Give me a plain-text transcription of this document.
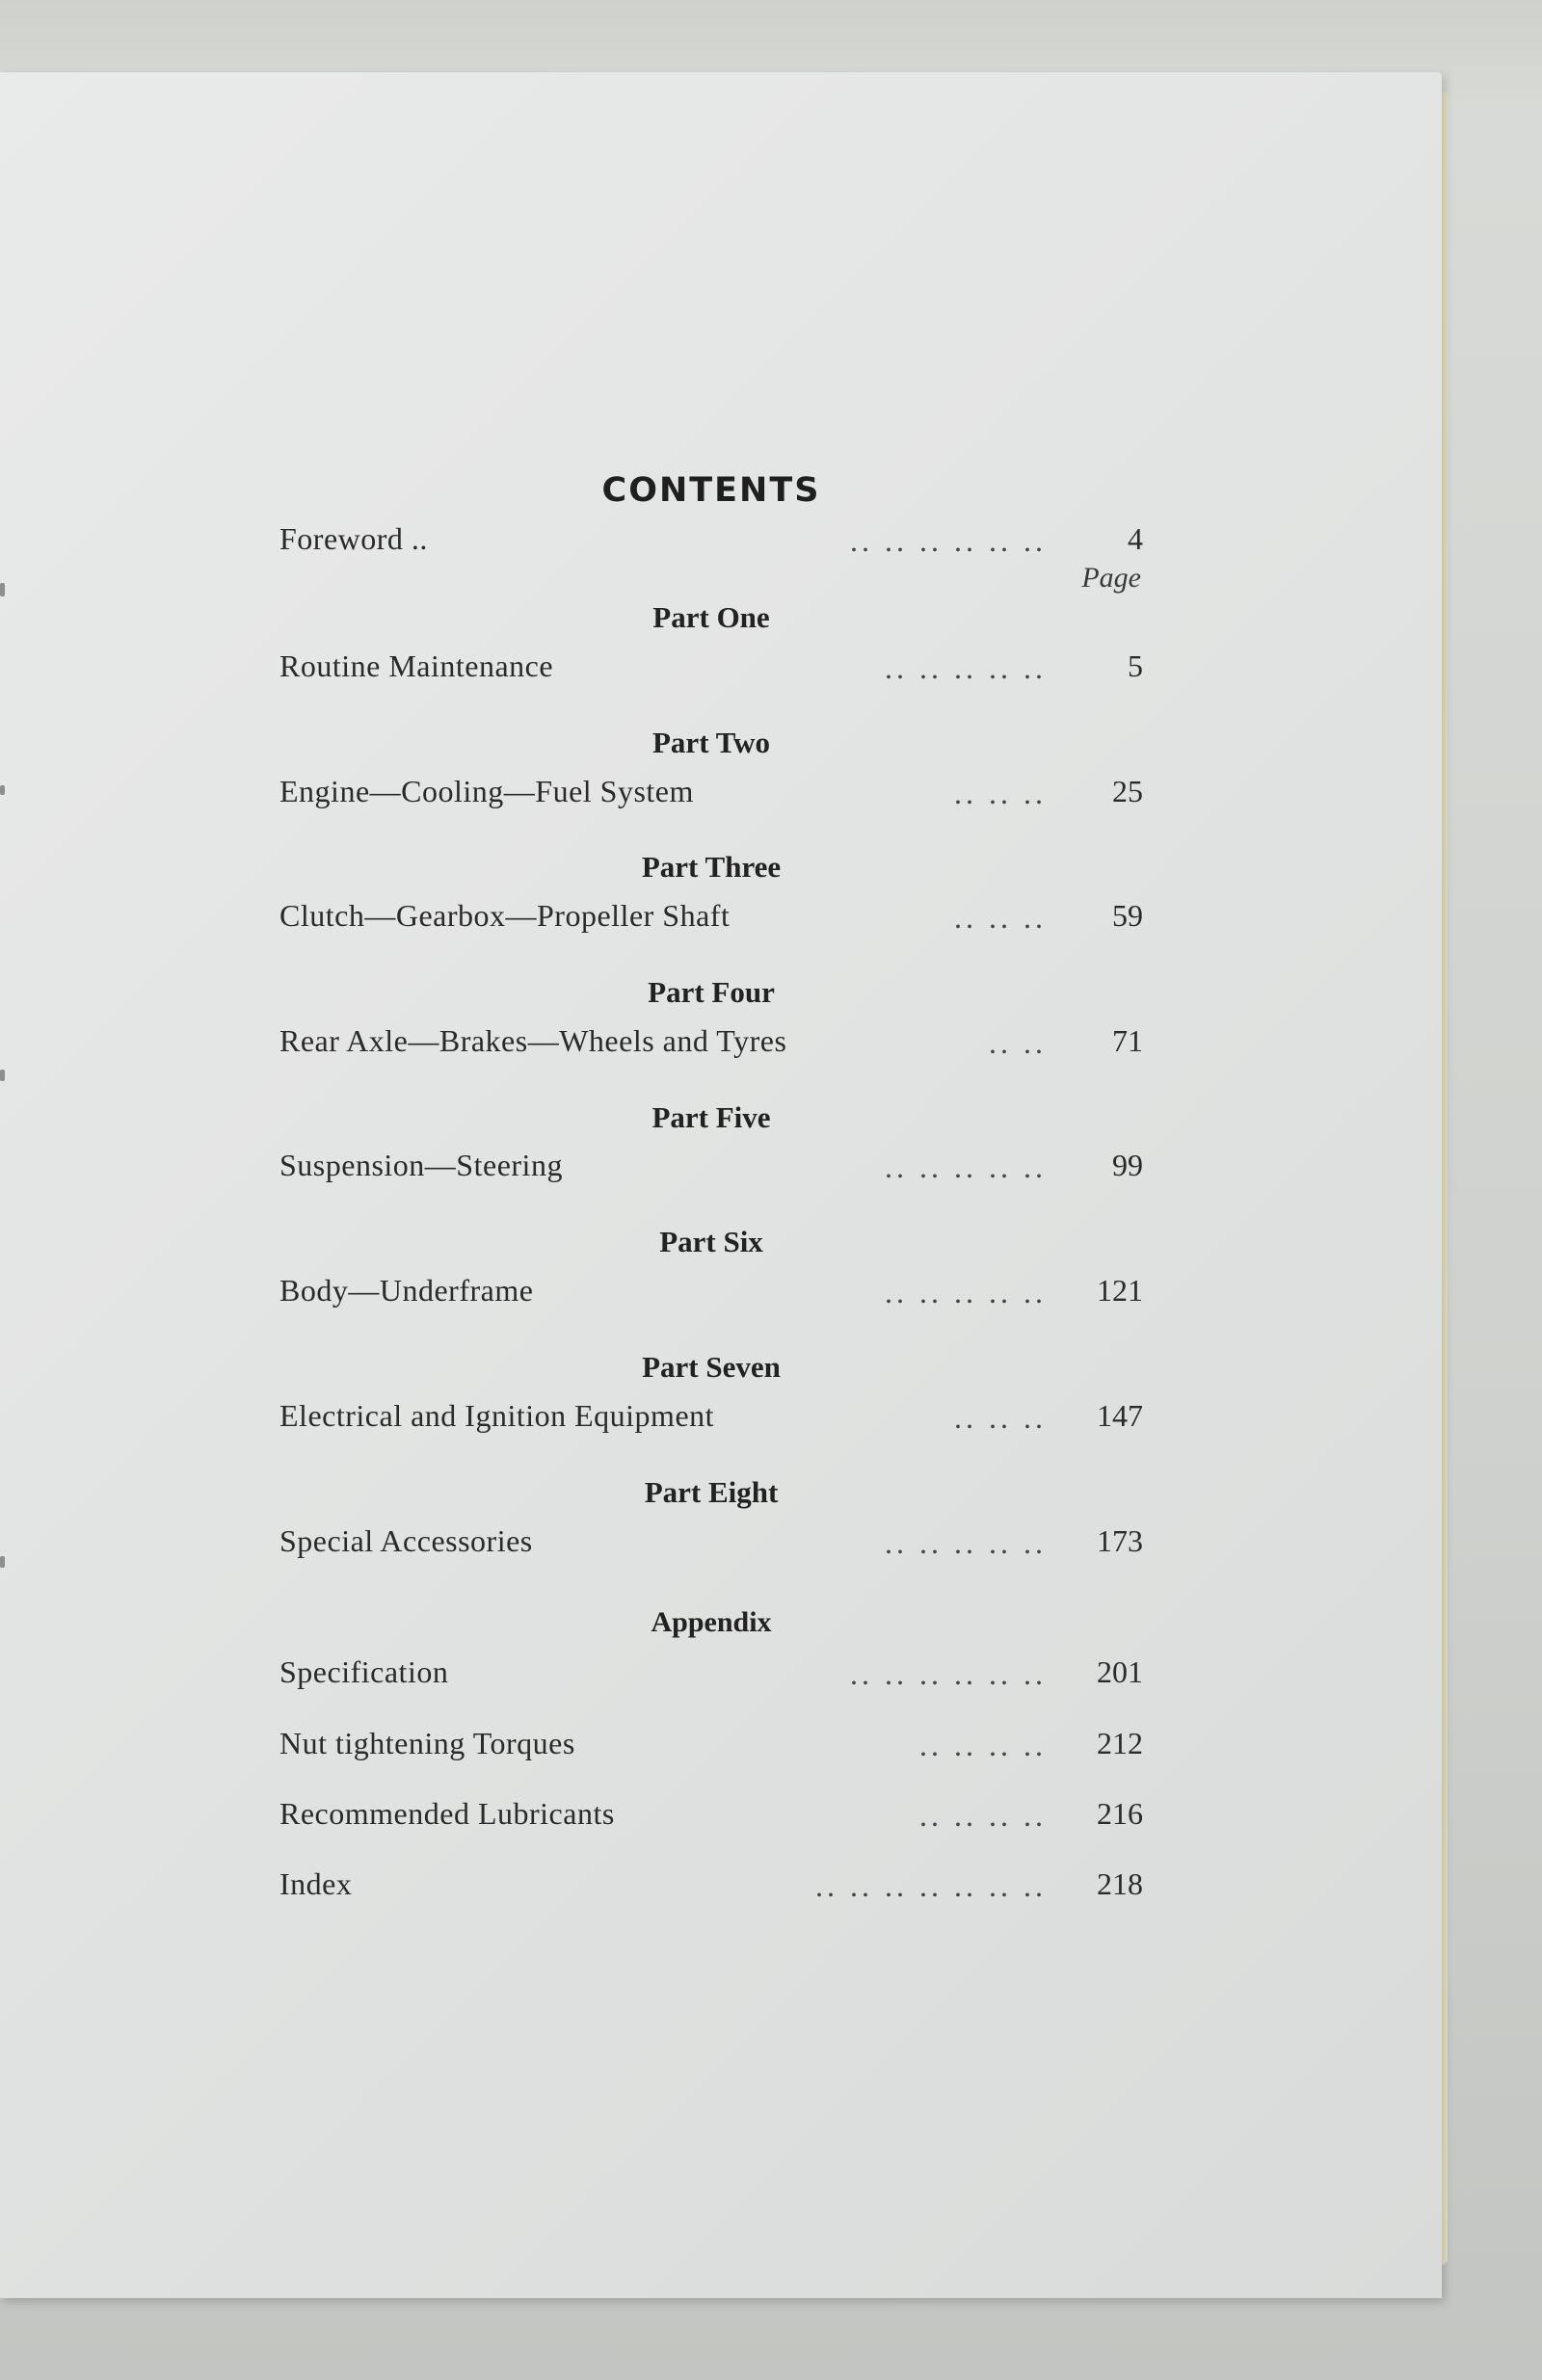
CONTENTS
Page
Foreword ..	.. .. .. .. .. ..	4
Part One
Routine Maintenance	.. .. .. .. ..	5
Part Two
Engine—Cooling—Fuel System	.. .. .. 25
Part Three
Clutch—Gearbox—Propeller Shaft	.. .. .. 59
Part Four
Rear Axle—Brakes—Wheels and Tyres	.. .. 71
Part Five
Suspension—Steering	.. .. .. .. .. 99
Part Six
Body—Underframe	.. .. .. .. .. 121
Part Seven
Electrical and Ignition Equipment	.. .. .. 147
Part Eight
Special Accessories	.. .. .. .. .. 173
Appendix
Specification	.. .. .. .. .. .. 201
Nut tightening Torques	.. .. .. .. 212
Recommended Lubricants	.. .. .. .. 216
Index	.. .. .. .. .. .. .. 218
